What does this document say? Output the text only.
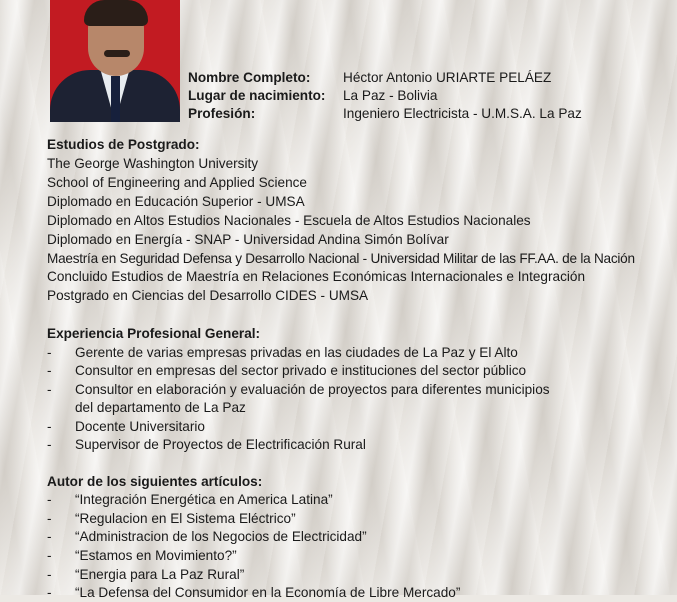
Nombre Completo: Héctor Antonio URIARTE PELÁEZ
Lugar de nacimiento: La Paz - Bolivia
Profesión:	Ingeniero Electricista - U.M.S.A. La Paz
Estudios de Postgrado:
The George Washington University
School of Engineering and Applied Science
Diplomado en Educación Superior - UMSA
Diplomado en Altos Estudios Nacionales - Escuela de Altos Estudios Nacionales
Diplomado en Energía - SNAP - Universidad Andina Simón Bolívar
Maestría en Seguridad Defensa y Desarrollo Nacional - Universidad Militar de las FF.AA. de la Nación
Concluido Estudios de Maestría en Relaciones Económicas Internacionales e Integración
Postgrado en Ciencias del Desarrollo CIDES - UMSA
Experiencia Profesional General:
- Gerente de varias empresas privadas en las ciudades de La Paz y El Alto
- Consultor en empresas del sector privado e instituciones del sector público
- Consultor en elaboración y evaluación de proyectos para diferentes municipios
del departamento de La Paz
- Docente Universitario
- Supervisor de Proyectos de Electrificación Rural
Autor de los siguientes artículos:
- “Integración Energética en America Latina”
- “Regulacion en El Sistema Eléctrico”
- “Administracion de los Negocios de Electricidad”
- “Estamos en Movimiento?”
- “Energia para La Paz Rural”
- “La Defensa del Consumidor en la Economía de Libre Mercado”
